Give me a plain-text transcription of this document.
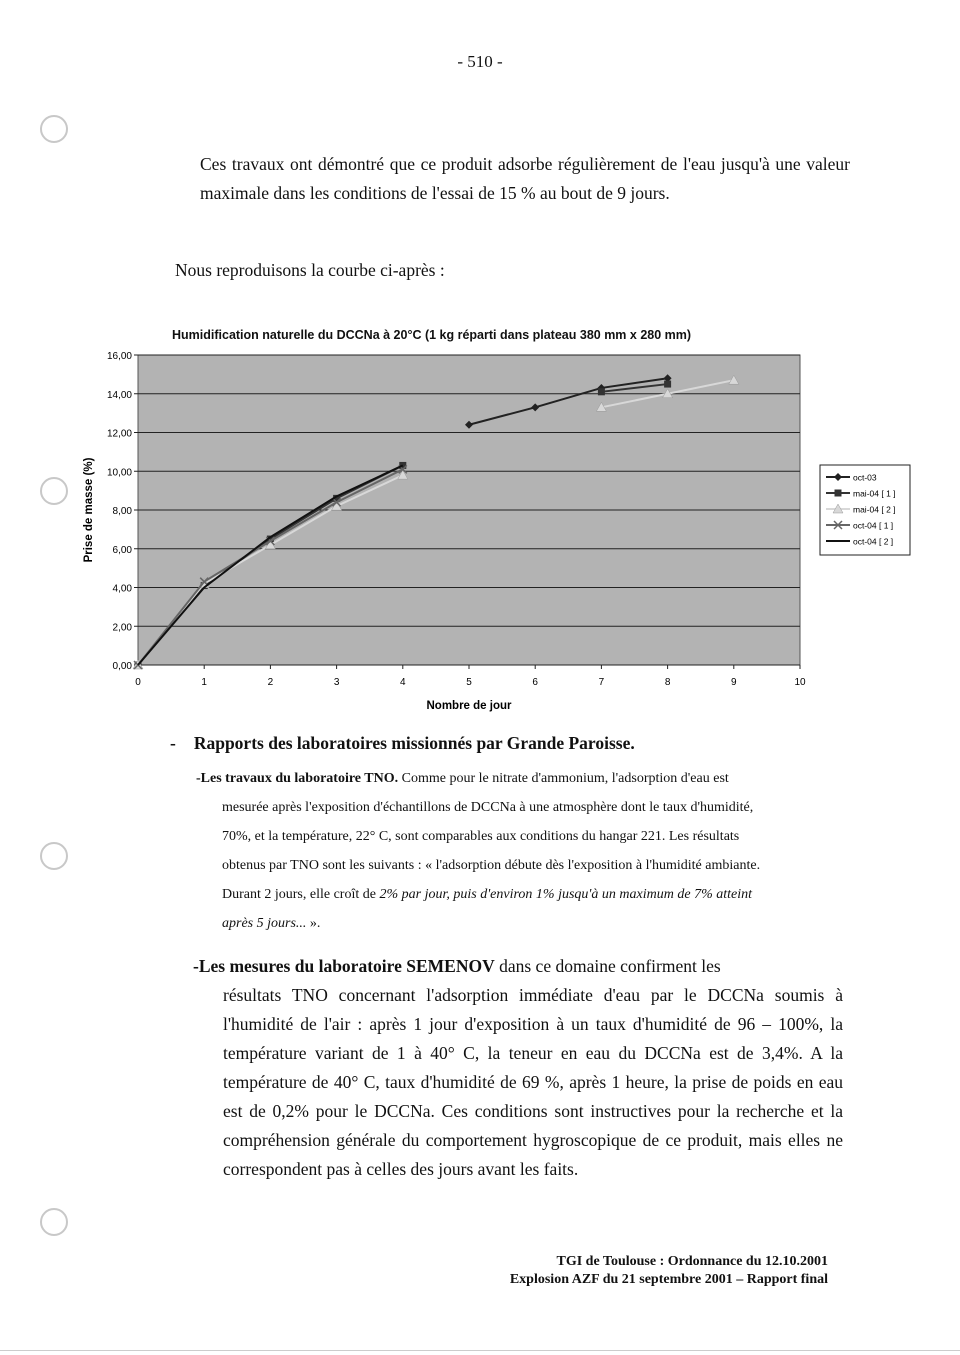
- 510 -
Ces travaux ont démontré que ce produit adsorbe régulièrement de l'eau jusqu'à une valeur maximale dans les conditions de l'essai de 15 % au bout de 9 jours.
Nous reproduisons la courbe ci-après :
Humidification naturelle du DCCNa à 20°C (1 kg réparti dans plateau 380 mm x 280 mm)
0,00
2,00
4,00
6,00
8,00
10,00
12,00
14,00
16,00
0	1	2	3	4	5	6	7	8	9	10
Nombre de jour
Prise de masse (%)	oct-03
mai-04 [ 1 ]
mai-04 [ 2 ]
oct-04 [ 1 ]
oct-04 [ 2 ]
- Rapports des laboratoires missionnés par Grande Paroisse.
-Les travaux du laboratoire TNO. Comme pour le nitrate d'ammonium, l'adsorption d'eau est
mesurée après l'exposition d'échantillons de DCCNa à une atmosphère dont le taux d'humidité,
70%, et la température, 22° C, sont comparables aux conditions du hangar 221. Les résultats
obtenus par TNO sont les suivants : « l'adsorption débute dès l'exposition à l'humidité ambiante.
Durant 2 jours, elle croît de 2% par jour, puis d'environ 1% jusqu'à un maximum de 7% atteint
après 5 jours... ».
-Les mesures du laboratoire SEMENOV dans ce domaine confirment les
résultats TNO concernant l'adsorption immédiate d'eau par le DCCNa soumis à l'humidité de l'air : après 1 jour d'exposition à un taux d'humidité de 96 – 100%, la température variant de 1 à 40° C, la teneur en eau du DCCNa est de 3,4%. A la température de 40° C, taux d'humidité de 69 %, après 1 heure, la prise de poids en eau est de 0,2% pour le DCCNa. Ces conditions sont instructives pour la recherche et la compréhension générale du comportement hygroscopique de ce produit, mais elles ne correspondent pas à celles des jours avant les faits.
TGI de Toulouse : Ordonnance du 12.10.2001
Explosion AZF du 21 septembre 2001 – Rapport final
